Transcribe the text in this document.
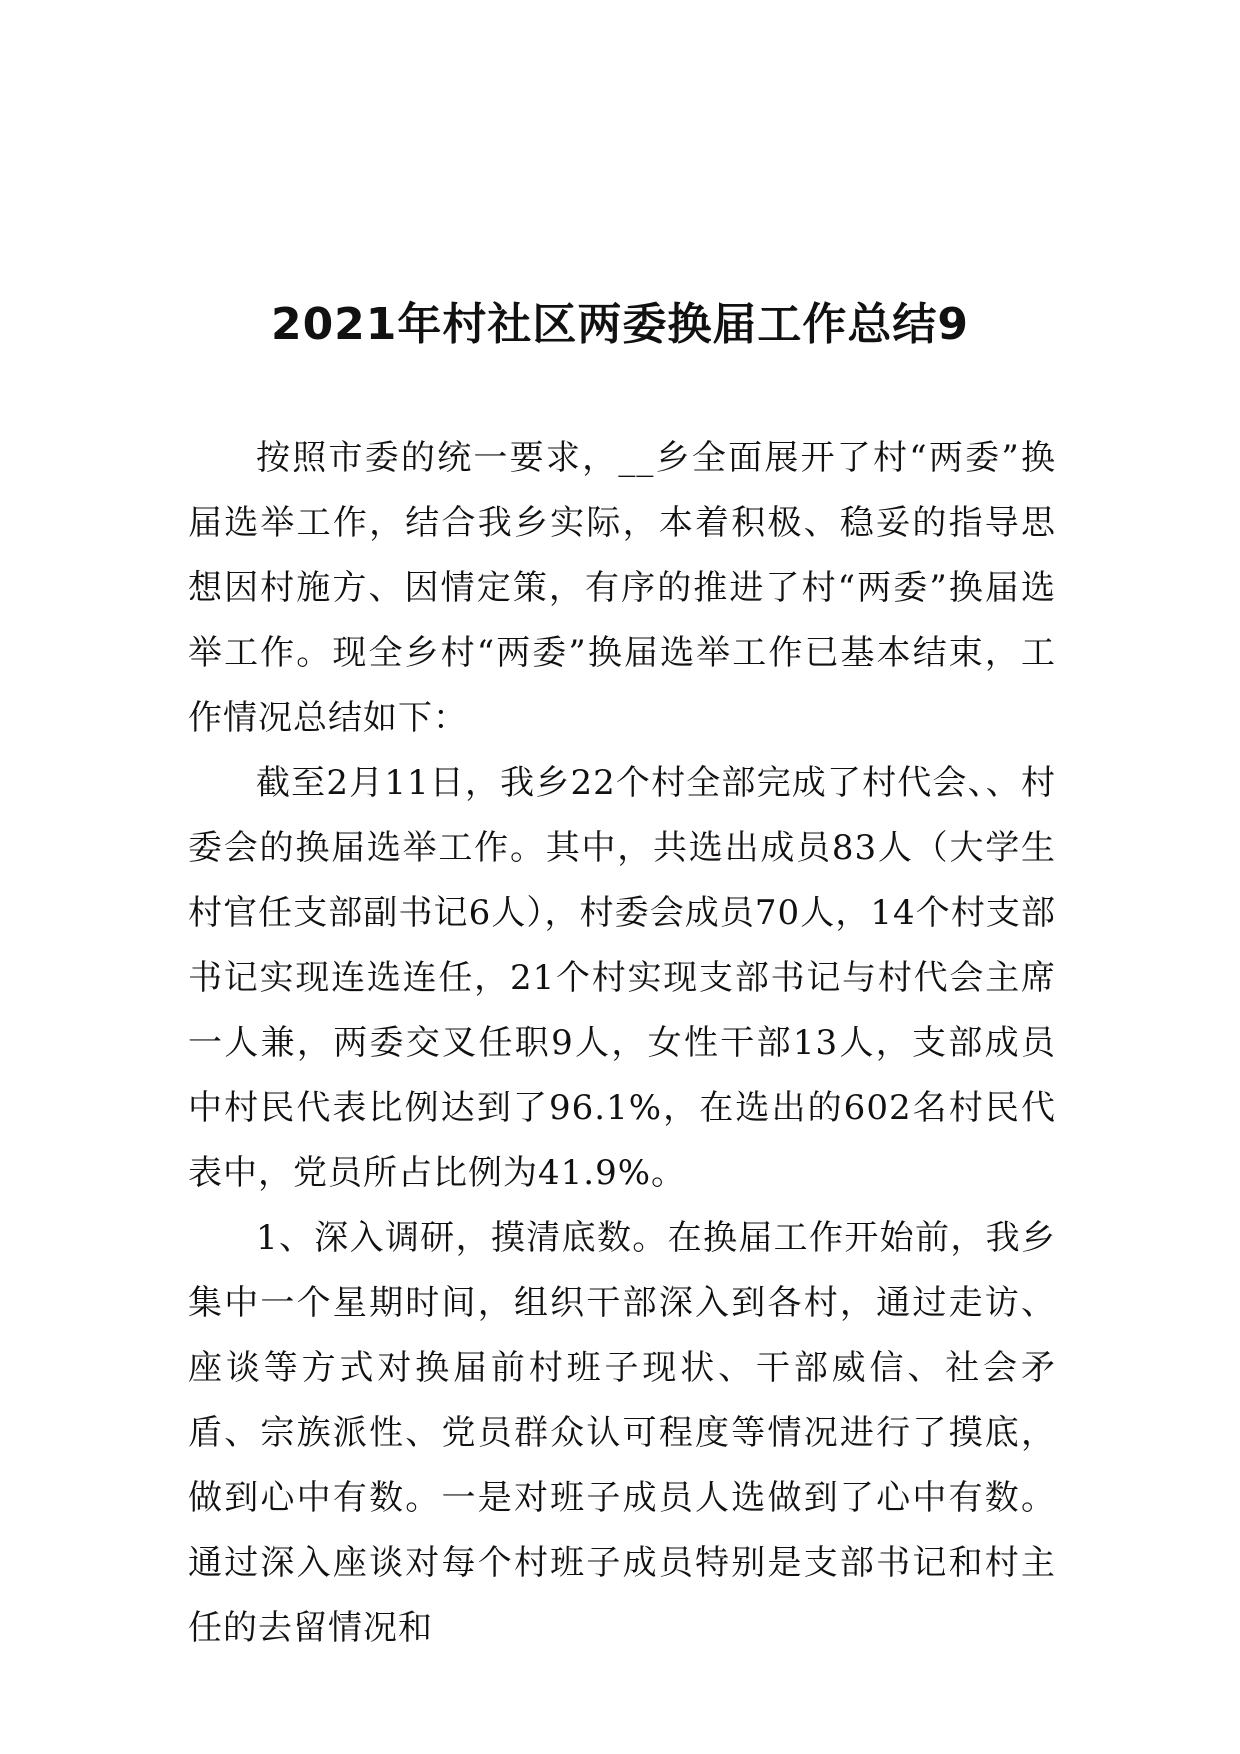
2021年村社区两委换届工作总结9

按照市委的统一要求，__乡全面展开了村“两委”换届选举工作，结合我乡实际，本着积极、稳妥的指导思想因村施方、因情定策，有序的推进了村“两委”换届选举工作。现全乡村“两委”换届选举工作已基本结束，工作情况总结如下：

截至2月11日，我乡22个村全部完成了村代会、、村委会的换届选举工作。其中，共选出成员83人（大学生村官任支部副书记6人），村委会成员70人，14个村支部书记实现连选连任，21个村实现支部书记与村代会主席一人兼，两委交叉任职9人，女性干部13人，支部成员中村民代表比例达到了96.1%，在选出的602名村民代表中，党员所占比例为41.9%。

1、深入调研，摸清底数。在换届工作开始前，我乡集中一个星期时间，组织干部深入到各村，通过走访、座谈等方式对换届前村班子现状、干部威信、社会矛盾、宗族派性、党员群众认可程度等情况进行了摸底，做到心中有数。一是对班子成员人选做到了心中有数。通过深入座谈对每个村班子成员特别是支部书记和村主任的去留情况和
